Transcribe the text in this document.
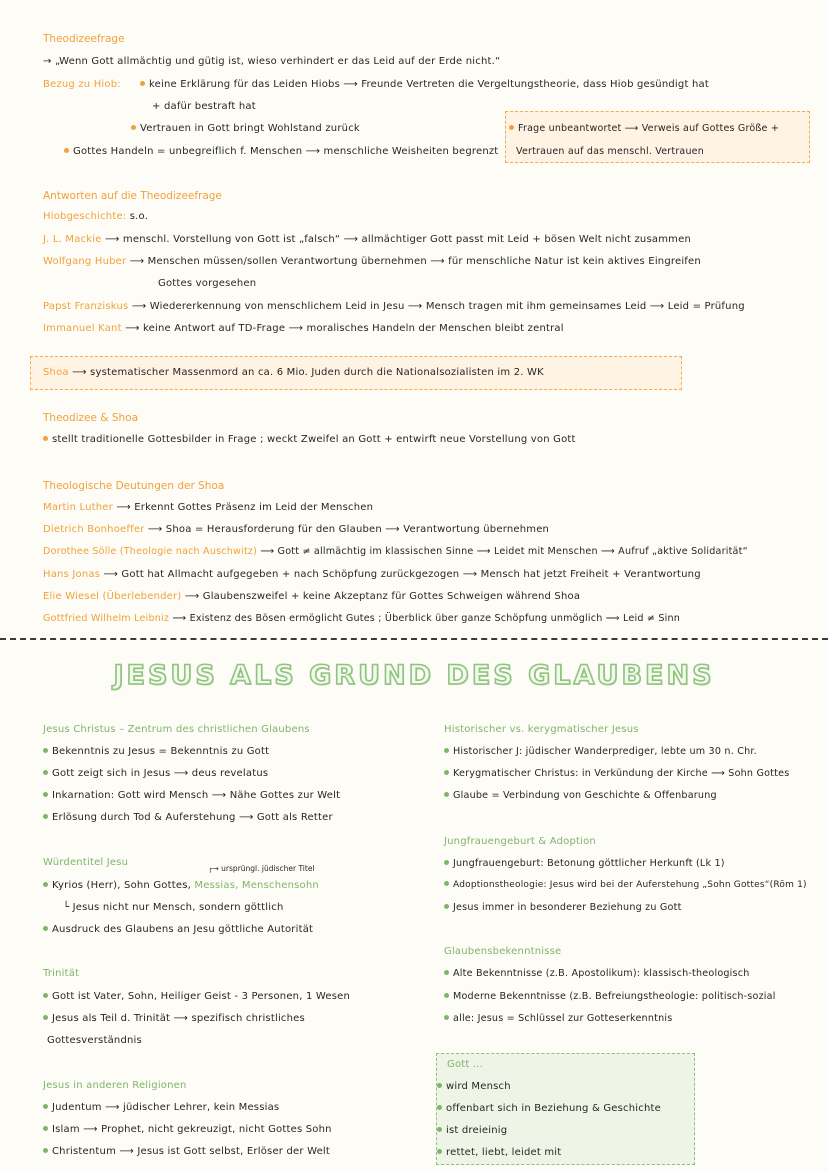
Theodizeefrage
→ „Wenn Gott allmächtig und gütig ist, wieso verhindert er das Leid auf der Erde nicht.“
Bezug zu Hiob:	keine Erklärung für das Leiden Hiobs ⟶ Freunde Vertreten die Vergeltungstheorie, dass Hiob gesündigt hat
+ dafür bestraft hat
Vertrauen in Gott bringt Wohlstand zurück
Gottes Handeln = unbegreiflich f. Menschen ⟶ menschliche Weisheiten begrenzt
Frage unbeantwortet ⟶ Verweis auf Gottes Größe +
Vertrauen auf das menschl. Vertrauen
Antworten auf die Theodizeefrage
Hiobgeschichte: s.o.
J. L. Mackie ⟶ menschl. Vorstellung von Gott ist „falsch“ ⟶ allmächtiger Gott passt mit Leid + bösen Welt nicht zusammen
Wolfgang Huber ⟶ Menschen müssen/sollen Verantwortung übernehmen ⟶ für menschliche Natur ist kein aktives Eingreifen
Gottes vorgesehen
Papst Franziskus ⟶ Wiedererkennung von menschlichem Leid in Jesu ⟶ Mensch tragen mit ihm gemeinsames Leid ⟶ Leid = Prüfung
Immanuel Kant ⟶ keine Antwort auf TD-Frage ⟶ moralisches Handeln der Menschen bleibt zentral
Shoa ⟶ systematischer Massenmord an ca. 6 Mio. Juden durch die Nationalsozialisten im 2. WK
Theodizee & Shoa
stellt traditionelle Gottesbilder in Frage ; weckt Zweifel an Gott + entwirft neue Vorstellung von Gott
Theologische Deutungen der Shoa
Martin Luther ⟶ Erkennt Gottes Präsenz im Leid der Menschen
Dietrich Bonhoeffer ⟶ Shoa = Herausforderung für den Glauben ⟶ Verantwortung übernehmen
Dorothee Sölle (Theologie nach Auschwitz) ⟶ Gott ≠ allmächtig im klassischen Sinne ⟶ Leidet mit Menschen ⟶ Aufruf „aktive Solidarität“
Hans Jonas ⟶ Gott hat Allmacht aufgegeben + nach Schöpfung zurückgezogen ⟶ Mensch hat jetzt Freiheit + Verantwortung
Elie Wiesel (Überlebender) ⟶ Glaubenszweifel + keine Akzeptanz für Gottes Schweigen während Shoa
Gottfried Wilhelm Leibniz ⟶ Existenz des Bösen ermöglicht Gutes ; Überblick über ganze Schöpfung unmöglich ⟹ Leid ≠ Sinn
JESUS ALS GRUND DES GLAUBENS
Jesus Christus – Zentrum des christlichen Glaubens
Bekenntnis zu Jesus = Bekenntnis zu Gott
Gott zeigt sich in Jesus ⟶ deus revelatus
Inkarnation: Gott wird Mensch ⟶ Nähe Gottes zur Welt
Erlösung durch Tod & Auferstehung ⟶ Gott als Retter
Würdentitel Jesu
┌→ ursprüngl. jüdischer Titel
Kyrios (Herr), Sohn Gottes, Messias, Menschensohn
└ Jesus nicht nur Mensch, sondern göttlich
Ausdruck des Glaubens an Jesu göttliche Autorität
Trinität
Gott ist Vater, Sohn, Heiliger Geist - 3 Personen, 1 Wesen
Jesus als Teil d. Trinität ⟶ spezifisch christliches
Gottesverständnis
Jesus in anderen Religionen
Judentum ⟶ jüdischer Lehrer, kein Messias
Islam ⟶ Prophet, nicht gekreuzigt, nicht Gottes Sohn
Christentum ⟶ Jesus ist Gott selbst, Erlöser der Welt
Historischer vs. kerygmatischer Jesus
Historischer J: jüdischer Wanderprediger, lebte um 30 n. Chr.
Kerygmatischer Christus: in Verkündung der Kirche ⟶ Sohn Gottes
Glaube = Verbindung von Geschichte & Offenbarung
Jungfrauengeburt & Adoption
Jungfrauengeburt: Betonung göttlicher Herkunft (Lk 1)
Adoptionstheologie: Jesus wird bei der Auferstehung „Sohn Gottes“(Röm 1)
Jesus immer in besonderer Beziehung zu Gott
Glaubensbekenntnisse
Alte Bekenntnisse (z.B. Apostolikum): klassisch-theologisch
Moderne Bekenntnisse (z.B. Befreiungstheologie: politisch-sozial
alle: Jesus = Schlüssel zur Gotteserkenntnis
Gott ...
wird Mensch
offenbart sich in Beziehung & Geschichte
ist dreieinig
rettet, liebt, leidet mit
